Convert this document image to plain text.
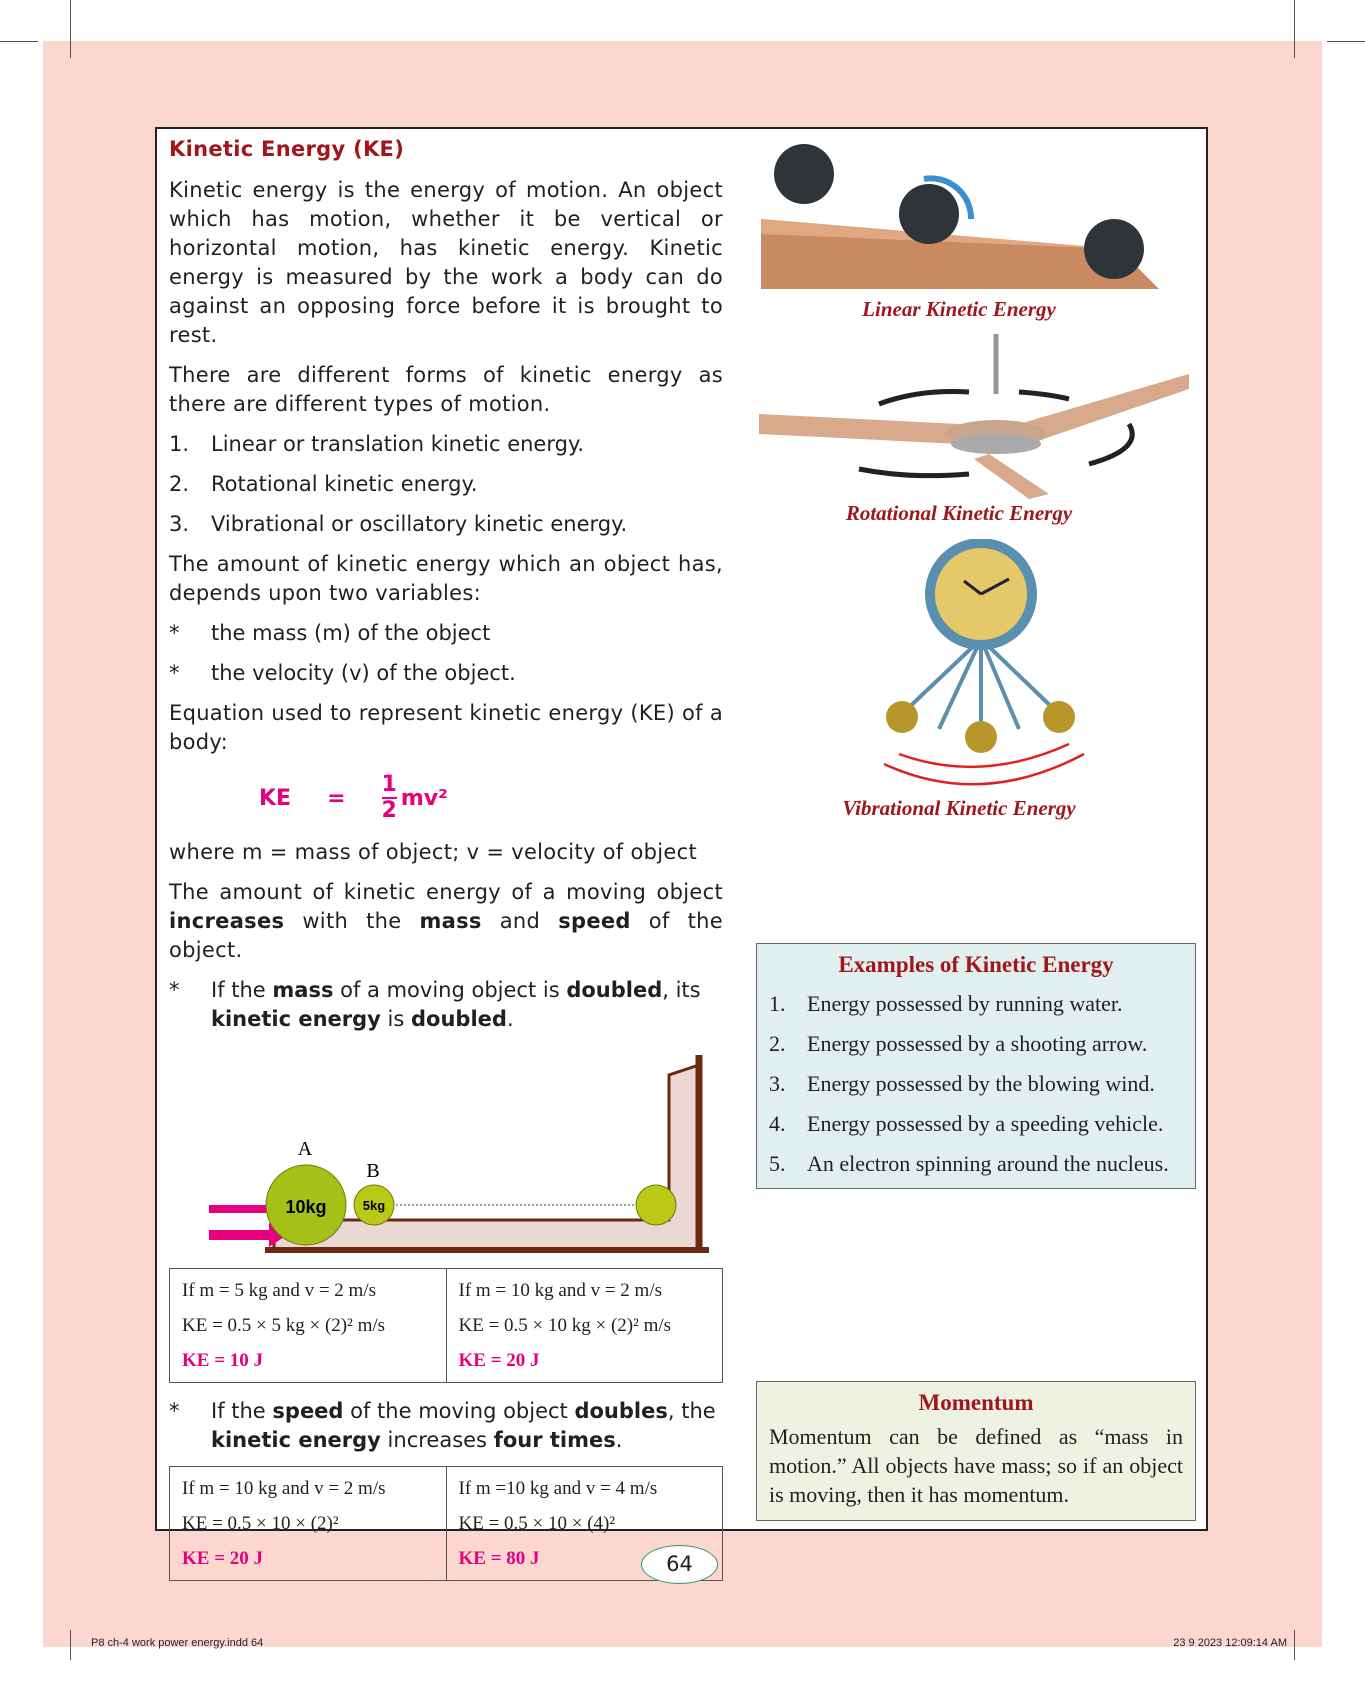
Kinetic Energy (KE)

Kinetic energy is the energy of motion. An object which has motion, whether it be vertical or horizontal motion, has kinetic energy. Kinetic energy is measured by the work a body can do against an opposing force before it is brought to rest.

There are different forms of kinetic energy as there are different types of motion.

1.	Linear or translation kinetic energy.
2.	Rotational kinetic energy.
3.	Vibrational or oscillatory kinetic energy.

The amount of kinetic energy which an object has, depends upon two variables:

*	the mass (m) of the object
*	the velocity (v) of the object.

Equation used to represent kinetic energy (KE) of a body:

KE = $\frac{1}{2} mv^2$

where m = mass of object; v = velocity of object

The amount of kinetic energy of a moving object increases with the mass and speed of the object.

*	If the mass of a moving object is doubled, its kinetic energy is doubled.
10kg	5kg
A
B
If m = 5 kg and v = 2 m/s
KE = 0.5 × 5 kg × (2)² m/s
KE = 10 J

If m = 10 kg and v = 2 m/s
KE = 0.5 × 10 kg × (2)² m/s
KE = 20 J
*	If the speed of the moving object doubles, the kinetic energy increases four times.
If m = 10 kg and v = 2 m/s
KE = 0.5 × 10 × (2)²
KE = 20 J

If m =10 kg and v = 4 m/s
KE = 0.5 × 10 × (4)²
KE = 80 J
Linear Kinetic Energy
Rotational Kinetic Energy
Vibrational Kinetic Energy
Examples of Kinetic Energy
1. Energy possessed by running water.
2. Energy possessed by a shooting arrow.
3. Energy possessed by the blowing wind.
4. Energy possessed by a speeding vehicle.
5. An electron spinning around the nucleus.
Momentum

Momentum can be defined as “mass in motion.” All objects have mass; so if an object is moving, then it has momentum.

64
P8 ch-4 work power energy.indd 64	23 9 2023 12:09:14 AM
